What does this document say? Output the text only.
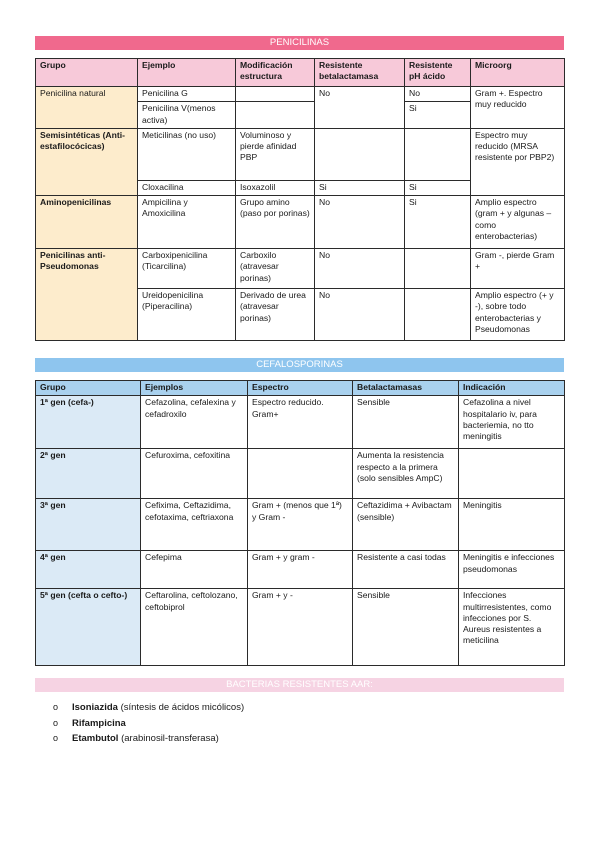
PENICILINAS
Grupo	Ejemplo	Modificación estructura	Resistente betalactamasa	Resistente pH ácido	Microorg
Penicilina natural	Penicilina G		No	No	Gram +. Espectro muy reducido
	Penicilina V(menos activa)			Si	
Semisintéticas (Anti-estafilocócicas)	Meticilinas (no uso)	Voluminoso y pierde afinidad PBP			Espectro muy reducido (MRSA resistente por PBP2)
	Cloxacilina	Isoxazolil	Si	Si	
Aminopenicilinas	Ampicilina y Amoxicilina	Grupo amino (paso por porinas)	No	Si	Amplio espectro (gram + y algunas – como enterobacterias)
Penicilinas anti-Pseudomonas	Carboxipenicilina (Ticarcilina)	Carboxilo (atravesar porinas)	No		Gram -, pierde Gram +
	Ureidopenicilina (Piperacilina)	Derivado de urea (atravesar porinas)	No		Amplio espectro (+ y -), sobre todo enterobacterias y Pseudomonas
CEFALOSPORINAS
Grupo	Ejemplos	Espectro	Betalactamasas	Indicación
1ª gen (cefa-)	Cefazolina, cefalexina y cefadroxilo	Espectro reducido. Gram+	Sensible	Cefazolina a nivel hospitalario iv, para bacteriemia, no tto meningitis
2ª gen	Cefuroxima, cefoxitina		Aumenta la resistencia respecto a la primera (solo sensibles AmpC)	
3ª gen	Cefixima, Ceftazidima, cefotaxima, ceftriaxona	Gram + (menos que 1ª) y Gram -	Ceftazidima + Avibactam (sensible)	Meningitis
4ª gen	Cefepima	Gram + y gram -	Resistente a casi todas	Meningitis e infecciones pseudomonas
5ª gen (cefta o cefto-)	Ceftarolina, ceftolozano, ceftobiprol	Gram + y -	Sensible	Infecciones multirresistentes, como infecciones por S. Aureus resistentes a meticilina
BACTERIAS RESISTENTES AAR:
o Isoniazida (síntesis de ácidos micólicos)
o Rifampicina
o Etambutol (arabinosil-transferasa)
